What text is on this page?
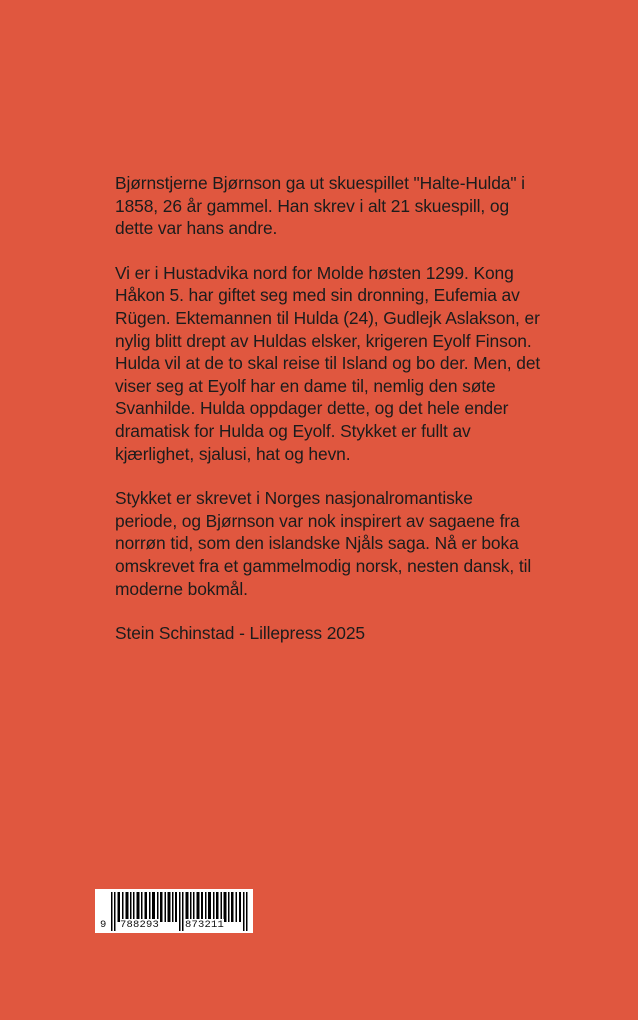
Bjørnstjerne Bjørnson ga ut skuespillet "Halte-Hulda" i
1858, 26 år gammel. Han skrev i alt 21 skuespill, og
dette var hans andre.

Vi er i Hustadvika nord for Molde høsten 1299. Kong
Håkon 5. har giftet seg med sin dronning, Eufemia av
Rügen. Ektemannen til Hulda (24), Gudlejk Aslakson, er
nylig blitt drept av Huldas elsker, krigeren Eyolf Finson.
Hulda vil at de to skal reise til Island og bo der. Men, det
viser seg at Eyolf har en dame til, nemlig den søte
Svanhilde. Hulda oppdager dette, og det hele ender
dramatisk for Hulda og Eyolf. Stykket er fullt av
kjærlighet, sjalusi, hat og hevn.

Stykket er skrevet i Norges nasjonalromantiske
periode, og Bjørnson var nok inspirert av sagaene fra
norrøn tid, som den islandske Njåls saga. Nå er boka
omskrevet fra et gammelmodig norsk, nesten dansk, til
moderne bokmål.

Stein Schinstad - Lillepress 2025

9 788293 873211
